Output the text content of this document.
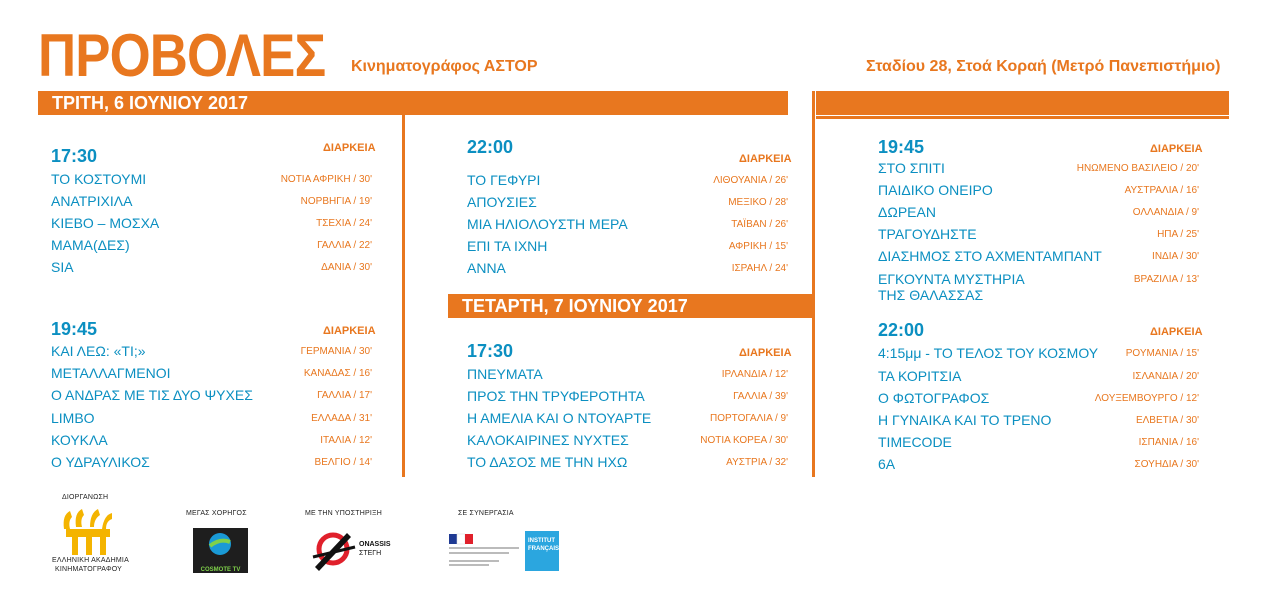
ΠΡΟΒΟΛΕΣ Κινηματογράφος ΑΣΤΟΡ	Σταδίου 28, Στοά Κοραή (Μετρό Πανεπιστήμιο)
ΤΡΙΤΗ, 6 ΙΟΥΝΙΟΥ 2017
ΤΕΤΑΡΤΗ, 7 ΙΟΥΝΙΟΥ 2017
17:30	ΔΙΑΡΚΕΙΑ
ΤΟ ΚΟΣΤΟΥΜΙ	ΝΟΤΙΑ ΑΦΡΙΚΗ / 30'
ΑΝΑΤΡΙΧΙΛΑ	ΝΟΡΒΗΓΙΑ / 19'
ΚΙΕΒΟ – ΜΟΣΧΑ	ΤΣΕΧΙΑ / 24'
ΜΑΜΑ(ΔΕΣ)	ΓΑΛΛΙΑ / 22'
SIA	ΔΑΝΙΑ / 30'
19:45	ΔΙΑΡΚΕΙΑ
ΚΑΙ ΛΕΩ: «ΤΙ;»	ΓΕΡΜΑΝΙΑ / 30'
ΜΕΤΑΛΛΑΓΜΕΝΟΙ	ΚΑΝΑΔΑΣ / 16'
Ο ΑΝΔΡΑΣ ΜΕ ΤΙΣ ΔΥΟ ΨΥΧΕΣ	ΓΑΛΛΙΑ / 17'
LIMBO	ΕΛΛΑΔΑ / 31'
ΚΟΥΚΛΑ	ΙΤΑΛΙΑ / 12'
Ο ΥΔΡΑΥΛΙΚΟΣ	ΒΕΛΓΙΟ / 14'
22:00
ΔΙΑΡΚΕΙΑ
ΤΟ ΓΕΦΥΡΙ	ΛΙΘΟΥΑΝΙΑ / 26'
ΑΠΟΥΣΙΕΣ	ΜΕΞΙΚΟ / 28'
ΜΙΑ ΗΛΙΟΛΟΥΣΤΗ ΜΕΡΑ	ΤΑΪΒΑΝ / 26'
ΕΠΙ ΤΑ ΙΧΝΗ	ΑΦΡΙΚΗ / 15'
ΑΝΝΑ	ΙΣΡΑΗΛ / 24'
17:30	ΔΙΑΡΚΕΙΑ
ΠΝΕΥΜΑΤΑ	ΙΡΛΑΝΔΙΑ / 12'
ΠΡΟΣ ΤΗΝ ΤΡΥΦΕΡΟΤΗΤΑ	ΓΑΛΛΙΑ / 39'
Η ΑΜΕΛΙΑ ΚΑΙ Ο ΝΤΟΥΑΡΤΕ	ΠΟΡΤΟΓΑΛΙΑ / 9'
ΚΑΛΟΚΑΙΡΙΝΕΣ ΝΥΧΤΕΣ	ΝΟΤΙΑ ΚΟΡΕΑ / 30'
ΤΟ ΔΑΣΟΣ ΜΕ ΤΗΝ ΗΧΩ	ΑΥΣΤΡΙΑ / 32'
19:45	ΔΙΑΡΚΕΙΑ
ΣΤΟ ΣΠΙΤΙ	ΗΝΩΜΕΝΟ ΒΑΣΙΛΕΙΟ / 20'
ΠΑΙΔΙΚΟ ΟΝΕΙΡΟ	ΑΥΣΤΡΑΛΙΑ / 16'
ΔΩΡΕΑΝ	ΟΛΛΑΝΔΙΑ / 9'
ΤΡΑΓΟΥΔΗΣΤΕ	ΗΠΑ / 25'
ΔΙΑΣΗΜΟΣ ΣΤΟ ΑΧΜΕΝΤΑΜΠΑΝΤ	ΙΝΔΙΑ / 30'
ΕΓΚΟΥΝΤΑ ΜΥΣΤΗΡΙΑ
ΤΗΣ ΘΑΛΑΣΣΑΣ
ΒΡΑΖΙΛΙΑ / 13'
22:00	ΔΙΑΡΚΕΙΑ
4:15μμ - ΤΟ ΤΕΛΟΣ ΤΟΥ ΚΟΣΜΟΥ	ΡΟΥΜΑΝΙΑ / 15'
ΤΑ ΚΟΡΙΤΣΙΑ	ΙΣΛΑΝΔΙΑ / 20'
Ο ΦΩΤΟΓΡΑΦΟΣ	ΛΟΥΞΕΜΒΟΥΡΓΟ / 12'
Η ΓΥΝΑΙΚΑ ΚΑΙ ΤΟ ΤΡΕΝΟ	ΕΛΒΕΤΙΑ / 30'
TIMECODE	ΙΣΠΑΝΙΑ / 16'
6A	ΣΟΥΗΔΙΑ / 30'
ΔΙΟΡΓΑΝΩΣΗ
ΕΛΛΗΝΙΚΗ ΑΚΑΔΗΜΙΑ
ΚΙΝΗΜΑΤΟΓΡΑΦΟΥ
ΜΕΓΑΣ ΧΟΡΗΓΟΣ
COSMOTE TV
ΜΕ ΤΗΝ ΥΠΟΣΤΗΡΙΞΗ
ONASSIS
ΣΤΕΓΗ
ΣΕ ΣΥΝΕΡΓΑΣΙΑ
INSTITUT
FRANÇAIS
